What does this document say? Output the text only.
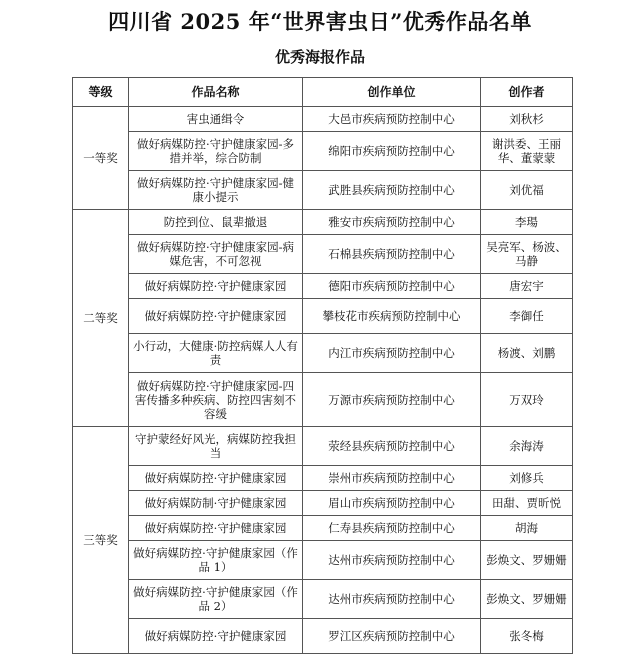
四川省 2025 年“世界害虫日”优秀作品名单
优秀海报作品
等级	作品名称	创作单位	创作者
一等奖	害虫通缉令	大邑市疾病预防控制中心	刘秋杉
	做好病媒防控·守护健康家园-多措并举，综合防制	绵阳市疾病预防控制中心	谢洪委、王丽华、董蒙蒙
	做好病媒防控·守护健康家园-健康小提示	武胜县疾病预防控制中心	刘优福
二等奖	防控到位、鼠辈撤退	雅安市疾病预防控制中心	李瑒
	做好病媒防控·守护健康家园-病媒危害，不可忽视	石棉县疾病预防控制中心	吴亮军、杨波、马静
	做好病媒防控·守护健康家园	德阳市疾病预防控制中心	唐宏宇
	做好病媒防控·守护健康家园	攀枝花市疾病预防控制中心	李御任
	小行动，大健康·防控病媒人人有责	内江市疾病预防控制中心	杨渡、刘鹏
	做好病媒防控·守护健康家园-四害传播多种疾病、防控四害刻不容缓	万源市疾病预防控制中心	万双玲
三等奖	守护蒙经好风光，病媒防控我担当	荥经县疾病预防控制中心	余海涛
	做好病媒防控·守护健康家园	崇州市疾病预防控制中心	刘修兵
	做好病媒防制·守护健康家园	眉山市疾病预防控制中心	田甜、贾昕悦
	做好病媒防控·守护健康家园	仁寿县疾病预防控制中心	胡海
	做好病媒防控·守护健康家园（作品 1）	达州市疾病预防控制中心	彭焕文、罗姗姗
	做好病媒防控·守护健康家园（作品 2）	达州市疾病预防控制中心	彭焕文、罗姗姗
	做好病媒防控·守护健康家园	罗江区疾病预防控制中心	张冬梅
